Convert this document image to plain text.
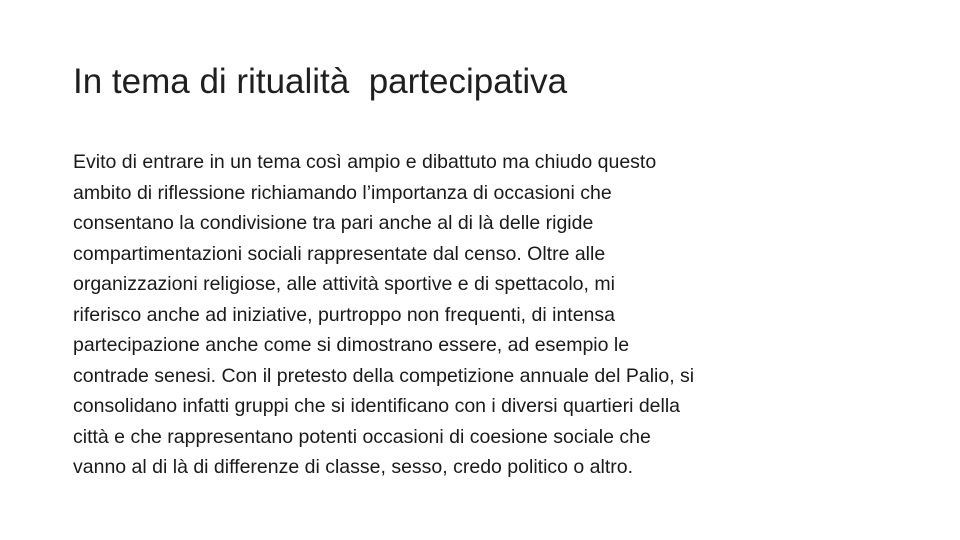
In tema di ritualità  partecipativa
Evito di entrare in un tema così ampio e dibattuto ma chiudo questo
ambito di riflessione richiamando l’importanza di occasioni che
consentano la condivisione tra pari anche al di là delle rigide
compartimentazioni sociali rappresentate dal censo. Oltre alle
organizzazioni religiose, alle attività sportive e di spettacolo, mi
riferisco anche ad iniziative, purtroppo non frequenti, di intensa
partecipazione anche come si dimostrano essere, ad esempio le
contrade senesi. Con il pretesto della competizione annuale del Palio, si
consolidano infatti gruppi che si identificano con i diversi quartieri della
città e che rappresentano potenti occasioni di coesione sociale che
vanno al di là di differenze di classe, sesso, credo politico o altro.
